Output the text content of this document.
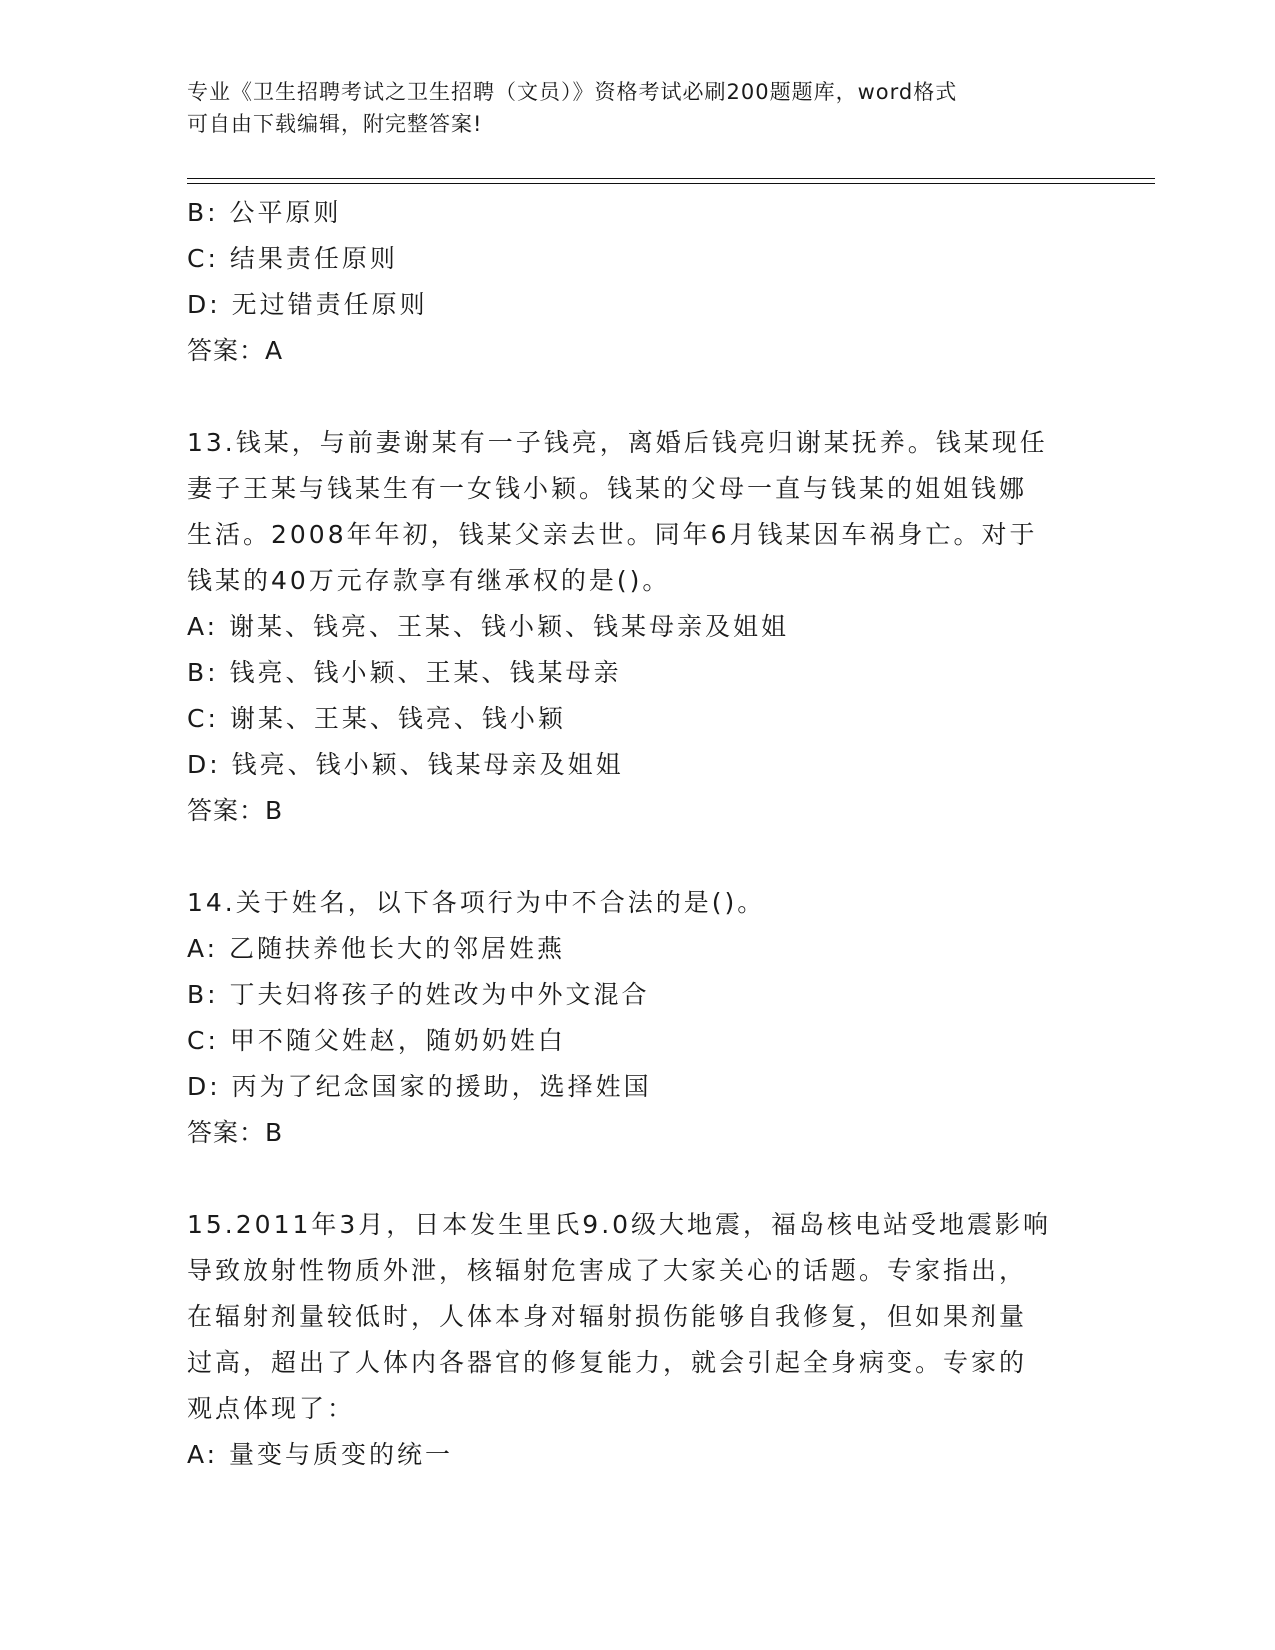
专业《卫生招聘考试之卫生招聘（文员）》资格考试必刷200题题库，word格式
可自由下载编辑，附完整答案!
B: 公平原则
C: 结果责任原则
D: 无过错责任原则
答案：A
13.钱某，与前妻谢某有一子钱亮，离婚后钱亮归谢某抚养。钱某现任
妻子王某与钱某生有一女钱小颖。钱某的父母一直与钱某的姐姐钱娜
生活。2008年年初，钱某父亲去世。同年6月钱某因车祸身亡。对于
钱某的40万元存款享有继承权的是()。
A: 谢某、钱亮、王某、钱小颖、钱某母亲及姐姐
B: 钱亮、钱小颖、王某、钱某母亲
C: 谢某、王某、钱亮、钱小颖
D: 钱亮、钱小颖、钱某母亲及姐姐
答案：B
14.关于姓名，以下各项行为中不合法的是()。
A: 乙随扶养他长大的邻居姓燕
B: 丁夫妇将孩子的姓改为中外文混合
C: 甲不随父姓赵，随奶奶姓白
D: 丙为了纪念国家的援助，选择姓国
答案：B
15.2011年3月，日本发生里氏9.0级大地震，福岛核电站受地震影响
导致放射性物质外泄，核辐射危害成了大家关心的话题。专家指出，
在辐射剂量较低时，人体本身对辐射损伤能够自我修复，但如果剂量
过高，超出了人体内各器官的修复能力，就会引起全身病变。专家的
观点体现了：
A: 量变与质变的统一
